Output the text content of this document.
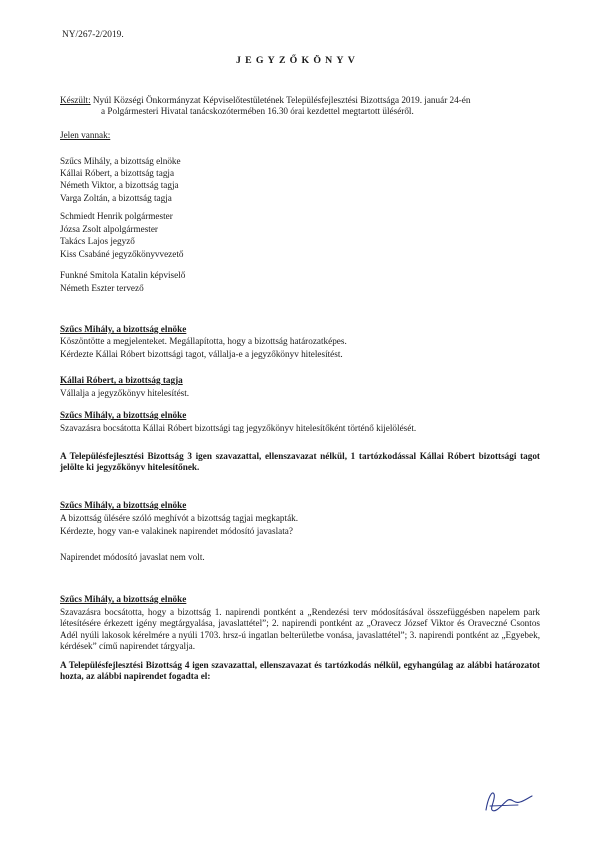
NY/267-2/2019.
JEGYZŐKÖNYV
Készült: Nyúl Községi Önkormányzat Képviselőtestületének Településfejlesztési Bizottsága 2019. január 24-én
a Polgármesteri Hivatal tanácskozótermében 16.30 órai kezdettel megtartott üléséről.
Jelen vannak:
Szűcs Mihály, a bizottság elnöke
Kállai Róbert, a bizottság tagja
Németh Viktor, a bizottság tagja
Varga Zoltán, a bizottság tagja
Schmiedt Henrik polgármester
Józsa Zsolt alpolgármester
Takács Lajos jegyző
Kiss Csabáné jegyzőkönyvvezető
Funkné Smitola Katalin képviselő
Németh Eszter tervező
Szűcs Mihály, a bizottság elnöke
Köszöntötte a megjelenteket. Megállapította, hogy a bizottság határozatképes.
Kérdezte Kállai Róbert bizottsági tagot, vállalja-e a jegyzőkönyv hitelesítést.
Kállai Róbert, a bizottság tagja
Vállalja a jegyzőkönyv hitelesítést.
Szűcs Mihály, a bizottság elnöke
Szavazásra bocsátotta Kállai Róbert bizottsági tag jegyzőkönyv hitelesítőként történő kijelölését.
A Településfejlesztési Bizottság 3 igen szavazattal, ellenszavazat nélkül, 1 tartózkodással Kállai Róbert bizottsági tagot jelölte ki jegyzőkönyv hitelesítőnek.
Szűcs Mihály, a bizottság elnöke
A bizottság ülésére szóló meghívót a bizottság tagjai megkapták.
Kérdezte, hogy van-e valakinek napirendet módosító javaslata?
Napirendet módosító javaslat nem volt.
Szűcs Mihály, a bizottság elnöke
Szavazásra bocsátotta, hogy a bizottság 1. napirendi pontként a „Rendezési terv módosításával összefüggésben napelem park létesítésére érkezett igény megtárgyalása, javaslattétel”; 2. napirendi pontként az „Oravecz József Viktor és Oraveczné Csontos Adél nyúli lakosok kérelmére a nyúli 1703. hrsz-ú ingatlan belterületbe vonása, javaslattétel”; 3. napirendi pontként az „Egyebek, kérdések” című napirendet tárgyalja.
A Településfejlesztési Bizottság 4 igen szavazattal, ellenszavazat és tartózkodás nélkül, egyhangúlag az alábbi határozatot hozta, az alábbi napirendet fogadta el:
